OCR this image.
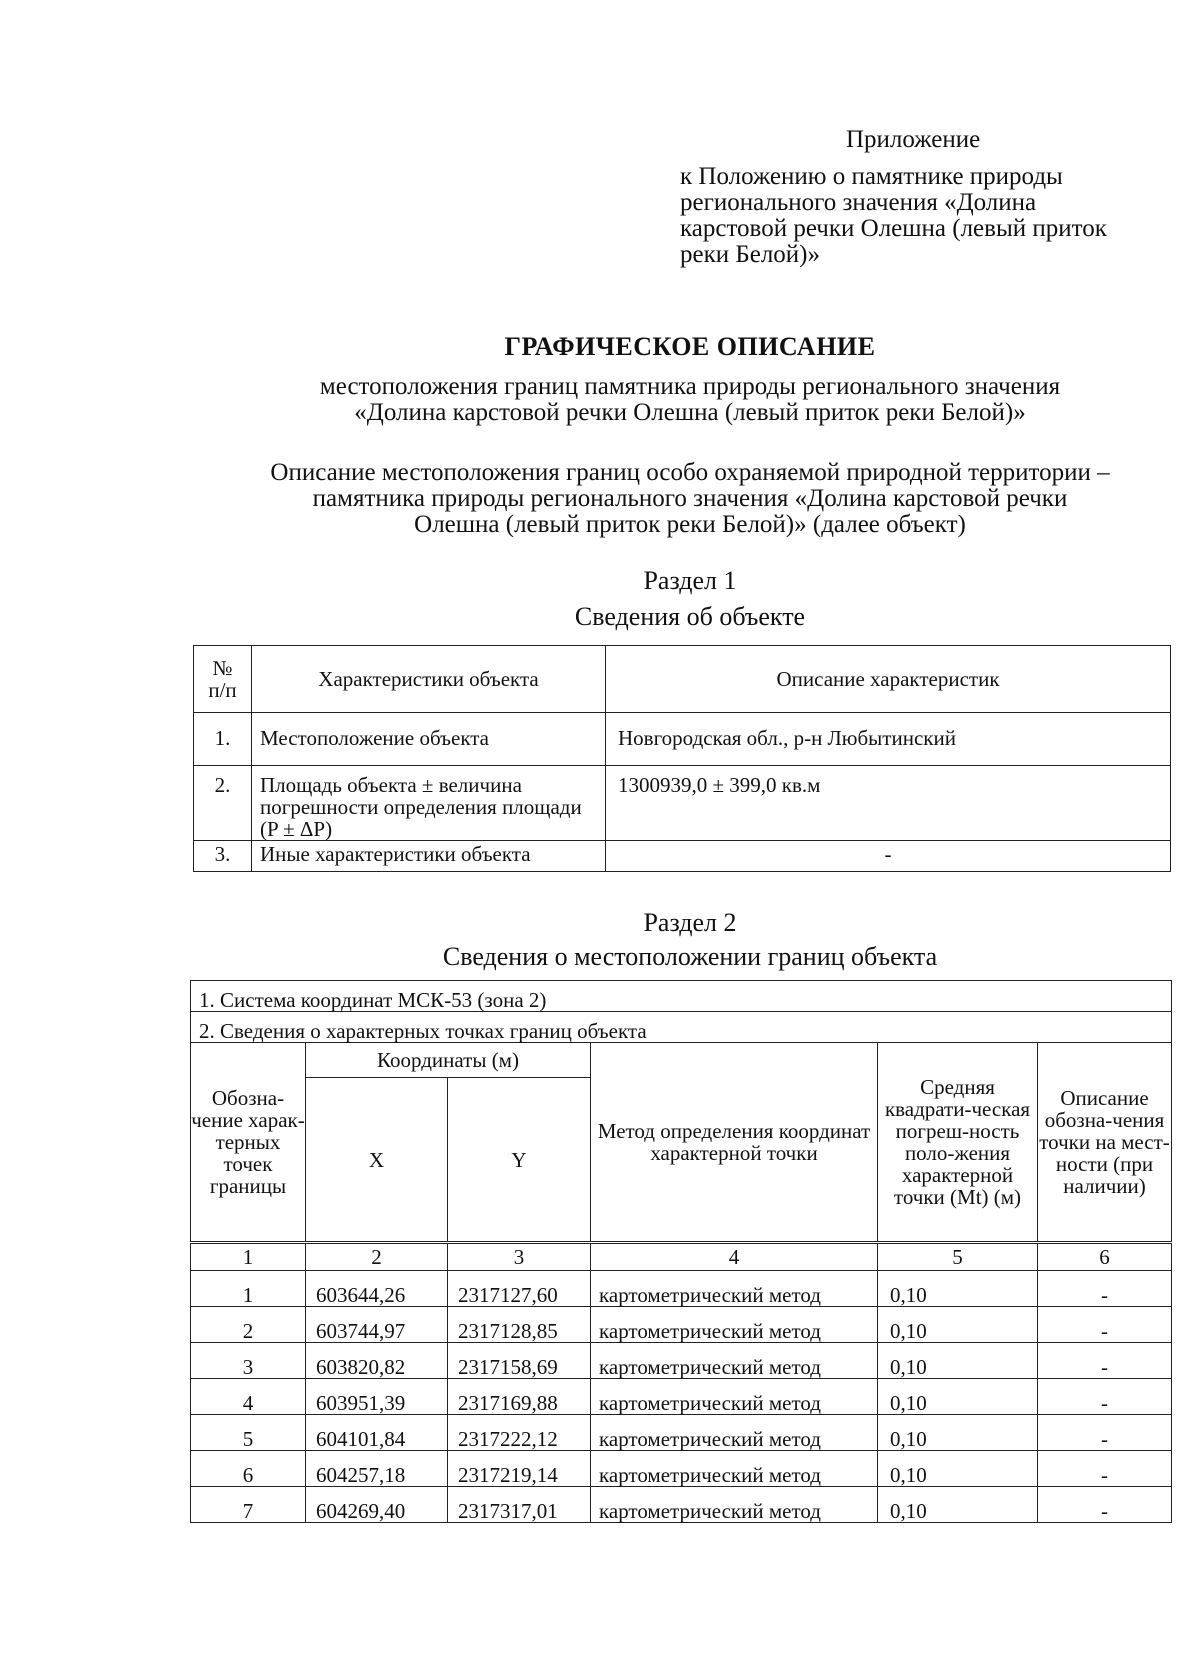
Приложение
к Положению о памятнике природы
регионального значения «Долина
карстовой речки Олешна (левый приток
реки Белой)»
ГРАФИЧЕСКОЕ ОПИСАНИЕ
местоположения границ памятника природы регионального значения
«Долина карстовой речки Олешна (левый приток реки Белой)»
Описание местоположения границ особо охраняемой природной территории –
памятника природы регионального значения «Долина карстовой речки
Олешна (левый приток реки Белой)» (далее объект)
Раздел 1
Сведения об объекте
№
п/п	Характеристики объекта	Описание характеристик
1.	Местоположение объекта	Новгородская обл., р-н Любытинский
2.	Площадь объекта ± величина погрешности определения площади (P ± ΔP)	1300939,0 ± 399,0 кв.м
3.	Иные характеристики объекта	-
Раздел 2
Сведения о местоположении границ объекта
1. Система координат МСК-53 (зона 2)					
2. Сведения о характерных точках границ объекта					
Обозна-чение харак-терных точек границы	Координаты (м)		Метод определения координат характерной точки	Средняя квадрати-ческая погреш-ность поло-жения характерной точки (Mt) (м)	Описание обозна-чения точки на мест-ности (при наличии)
	X	Y			
1	2	3	4	5	6
1	603644,26	2317127,60	картометрический метод	0,10	-
2	603744,97	2317128,85	картометрический метод	0,10	-
3	603820,82	2317158,69	картометрический метод	0,10	-
4	603951,39	2317169,88	картометрический метод	0,10	-
5	604101,84	2317222,12	картометрический метод	0,10	-
6	604257,18	2317219,14	картометрический метод	0,10	-
7	604269,40	2317317,01	картометрический метод	0,10	-
